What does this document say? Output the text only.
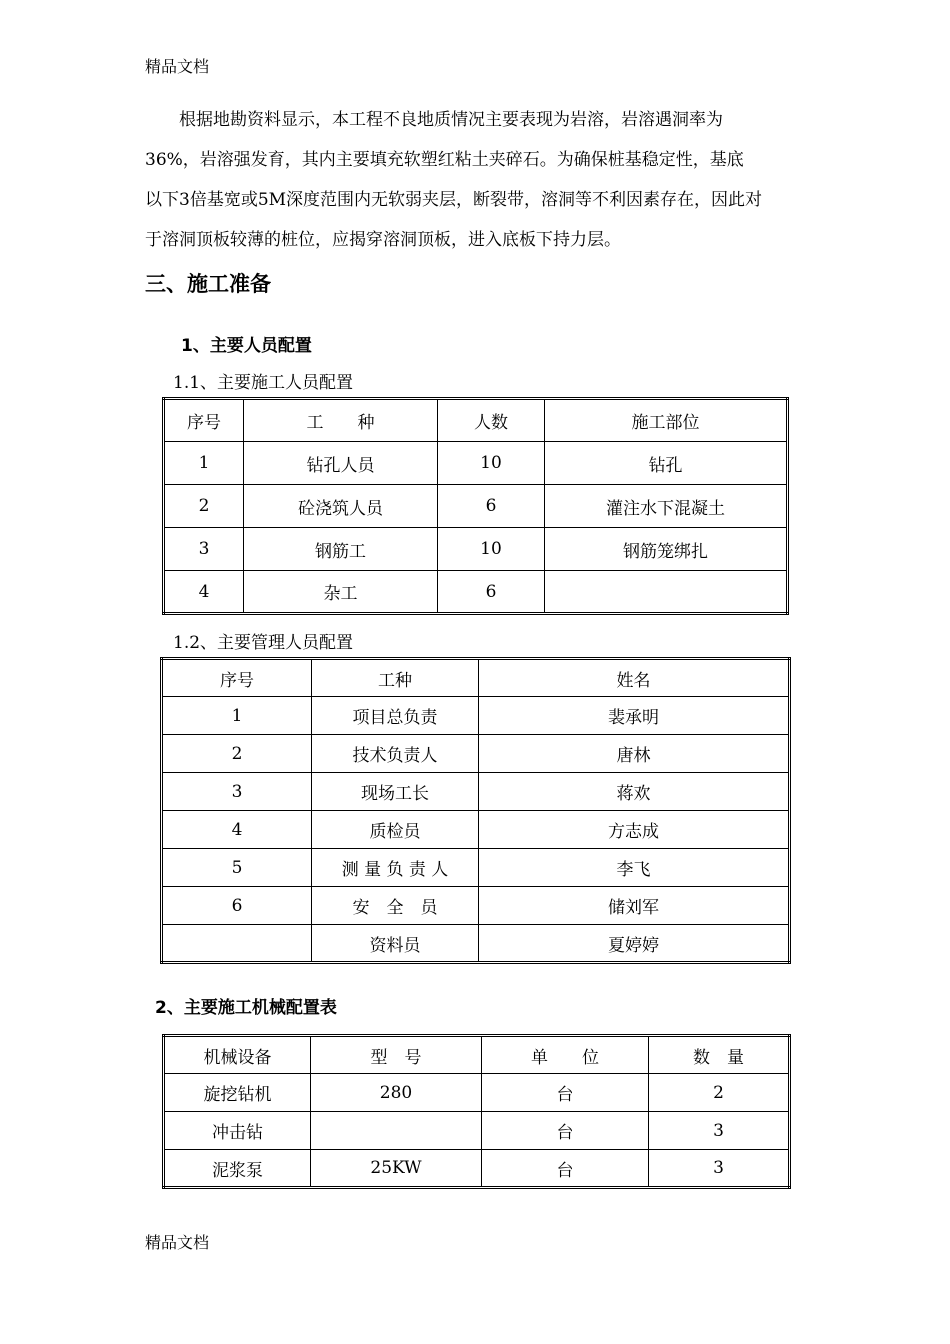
精品文档
根据地勘资料显示，本工程不良地质情况主要表现为岩溶，岩溶遇洞率为
36%，岩溶强发育，其内主要填充软塑红粘土夹碎石。为确保桩基稳定性，基底
以下3倍基宽或5M深度范围内无软弱夹层，断裂带，溶洞等不利因素存在，因此对
于溶洞顶板较薄的桩位，应揭穿溶洞顶板，进入底板下持力层。
三、施工准备
1、主要人员配置
1.1、主要施工人员配置
序号	工　　种	人数	施工部位
1	钻孔人员	10	钻孔
2	砼浇筑人员	6	灌注水下混凝土
3	钢筋工	10	钢筋笼绑扎
4	杂工	6	
1.2、主要管理人员配置
序号	工种	姓名
1	项目总负责	裴承明
2	技术负责人	唐林
3	现场工长	蒋欢
4	质检员	方志成
5	测 量 负 责 人	李飞
6	安　全　员	储刘军
	资料员	夏婷婷
2、主要施工机械配置表
机械设备	型　号	单　　位	数　量
旋挖钻机	280	台	2
冲击钻		台	3
泥浆泵	25KW	台	3
精品文档
